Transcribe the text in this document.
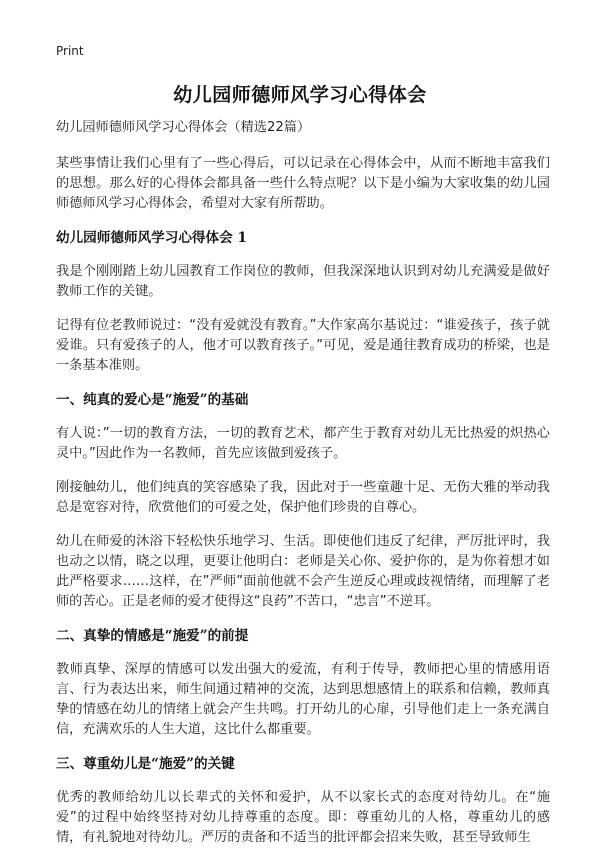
Print
幼儿园师德师风学习心得体会

幼儿园师德师风学习心得体会（精选22篇）

某些事情让我们心里有了一些心得后，可以记录在心得体会中，从而不断地丰富我们的思想。那么好的心得体会都具备一些什么特点呢？以下是小编为大家收集的幼儿园师德师风学习心得体会，希望对大家有所帮助。

幼儿园师德师风学习心得体会 1

我是个刚刚踏上幼儿园教育工作岗位的教师，但我深深地认识到对幼儿充满爱是做好教师工作的关键。

记得有位老教师说过：“没有爱就没有教育。”大作家高尔基说过：“谁爱孩子，孩子就爱谁。只有爱孩子的人，他才可以教育孩子。”可见，爱是通往教育成功的桥梁，也是一条基本准则。

一、纯真的爱心是“施爱”的基础

有人说：”一切的教育方法，一切的教育艺术，都产生于教育对幼儿无比热爱的炽热心灵中。”因此作为一名教师，首先应该做到爱孩子。

刚接触幼儿，他们纯真的笑容感染了我，因此对于一些童趣十足、无伤大雅的举动我总是宽容对待，欣赏他们的可爱之处，保护他们珍贵的自尊心。

幼儿在师爱的沐浴下轻松快乐地学习、生活。即使他们违反了纪律，严厉批评时，我也动之以情，晓之以理，更要让他明白：老师是关心你、爱护你的，是为你着想才如此严格要求……这样，在”严师”面前他就不会产生逆反心理或歧视情绪，而理解了老师的苦心。正是老师的爱才使得这“良药”不苦口，“忠言”不逆耳。

二、真挚的情感是“施爱”的前提

教师真挚、深厚的情感可以发出强大的爱流，有利于传导，教师把心里的情感用语言、行为表达出来，师生间通过精神的交流，达到思想感情上的联系和信赖，教师真挚的情感在幼儿的情绪上就会产生共鸣。打开幼儿的心扉，引导他们走上一条充满自信，充满欢乐的人生大道，这比什么都重要。

三、尊重幼儿是“施爱”的关键

优秀的教师给幼儿以长辈式的关怀和爱护，从不以家长式的态度对待幼儿。在“施爱”的过程中始终坚持对幼儿持尊重的态度。即：尊重幼儿的人格，尊重幼儿的感情，有礼貌地对待幼儿。严厉的责备和不适当的批评都会招来失败，甚至导致师生
